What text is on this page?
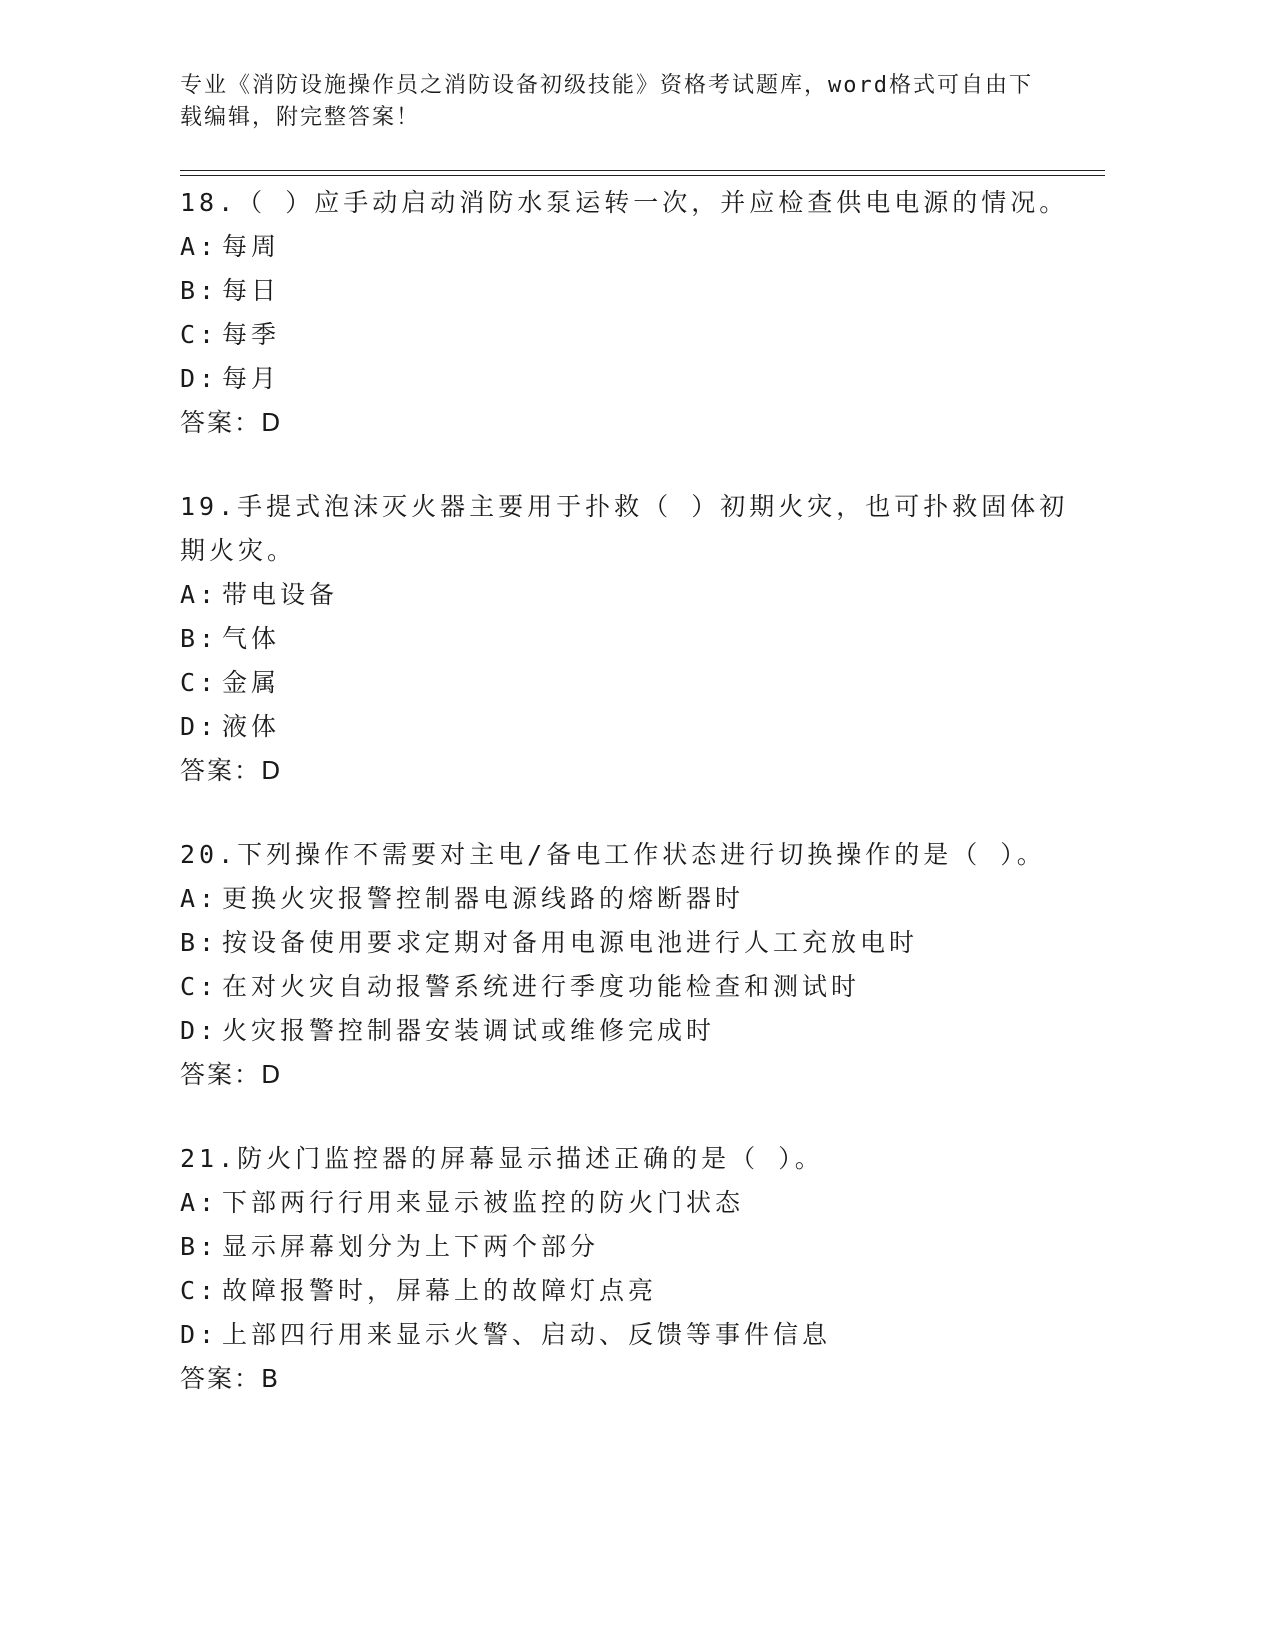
专业《消防设施操作员之消防设备初级技能》资格考试题库，word格式可自由下
载编辑，附完整答案！

18.（ ）应手动启动消防水泵运转一次，并应检查供电电源的情况。

A: 每周

B: 每日

C: 每季

D: 每月

答案：D

19.手提式泡沫灭火器主要用于扑救（ ）初期火灾，也可扑救固体初期火灾。

A: 带电设备

B: 气体

C: 金属

D: 液体

答案：D

20.下列操作不需要对主电/备电工作状态进行切换操作的是（ ）。

A: 更换火灾报警控制器电源线路的熔断器时

B: 按设备使用要求定期对备用电源电池进行人工充放电时

C: 在对火灾自动报警系统进行季度功能检查和测试时

D: 火灾报警控制器安装调试或维修完成时

答案：D

21.防火门监控器的屏幕显示描述正确的是（ ）。

A: 下部两行行用来显示被监控的防火门状态

B: 显示屏幕划分为上下两个部分

C: 故障报警时，屏幕上的故障灯点亮

D: 上部四行用来显示火警、启动、反馈等事件信息

答案：B
